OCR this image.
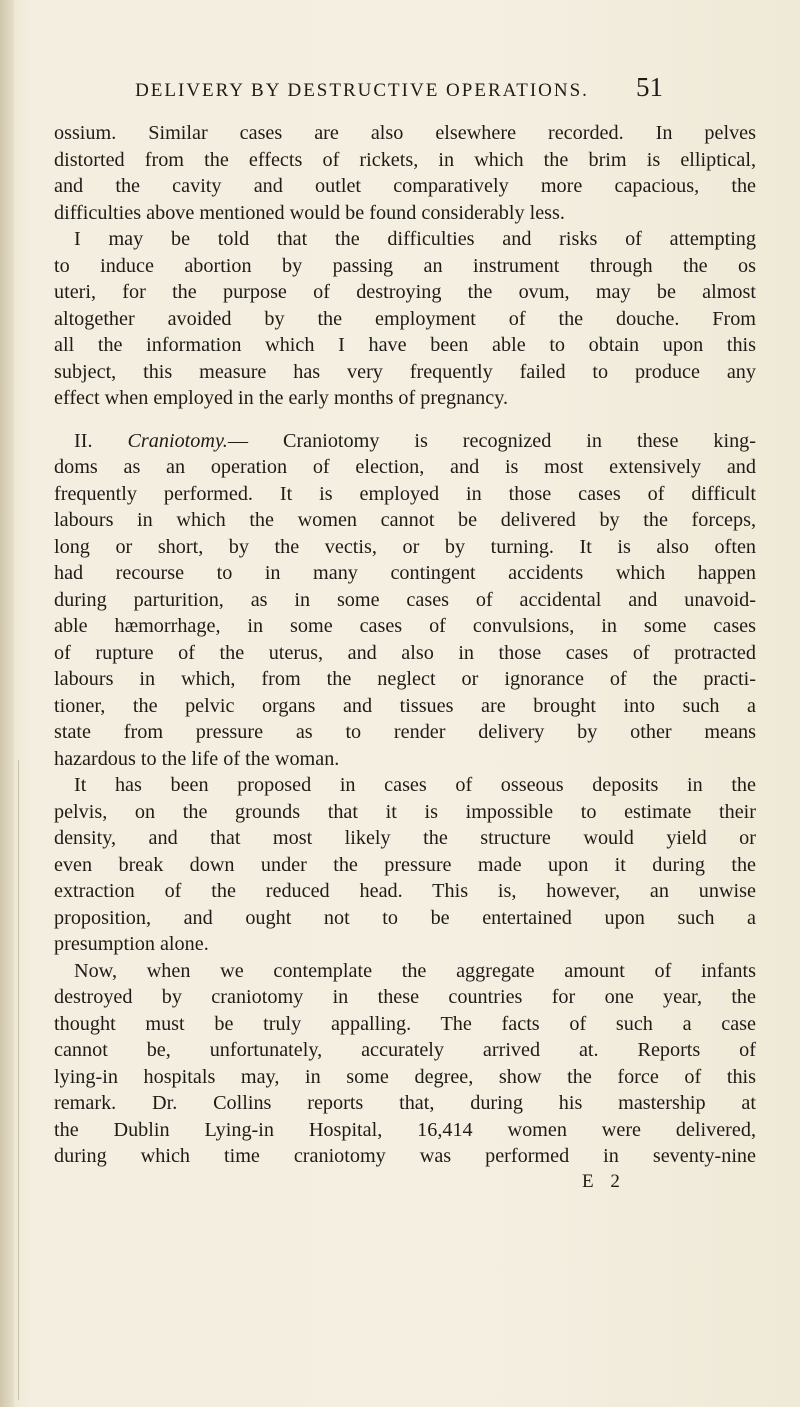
DELIVERY BY DESTRUCTIVE OPERATIONS.	51
ossium. Similar cases are also elsewhere recorded. In pelves
distorted from the effects of rickets, in which the brim is elliptical,
and the cavity and outlet comparatively more capacious, the
difficulties above mentioned would be found considerably less.
I may be told that the difficulties and risks of attempting
to induce abortion by passing an instrument through the os
uteri, for the purpose of destroying the ovum, may be almost
altogether avoided by the employment of the douche. From
all the information which I have been able to obtain upon this
subject, this measure has very frequently failed to produce any
effect when employed in the early months of pregnancy.
II. Craniotomy.— Craniotomy is recognized in these king-
doms as an operation of election, and is most extensively and
frequently performed. It is employed in those cases of difficult
labours in which the women cannot be delivered by the forceps,
long or short, by the vectis, or by turning. It is also often
had recourse to in many contingent accidents which happen
during parturition, as in some cases of accidental and unavoid-
able hæmorrhage, in some cases of convulsions, in some cases
of rupture of the uterus, and also in those cases of protracted
labours in which, from the neglect or ignorance of the practi-
tioner, the pelvic organs and tissues are brought into such a
state from pressure as to render delivery by other means
hazardous to the life of the woman.
It has been proposed in cases of osseous deposits in the
pelvis, on the grounds that it is impossible to estimate their
density, and that most likely the structure would yield or
even break down under the pressure made upon it during the
extraction of the reduced head. This is, however, an unwise
proposition, and ought not to be entertained upon such a
presumption alone.
Now, when we contemplate the aggregate amount of infants
destroyed by craniotomy in these countries for one year, the
thought must be truly appalling. The facts of such a case
cannot be, unfortunately, accurately arrived at. Reports of
lying-in hospitals may, in some degree, show the force of this
remark. Dr. Collins reports that, during his mastership at
the Dublin Lying-in Hospital, 16,414 women were delivered,
during which time craniotomy was performed in seventy-nine
E 2
